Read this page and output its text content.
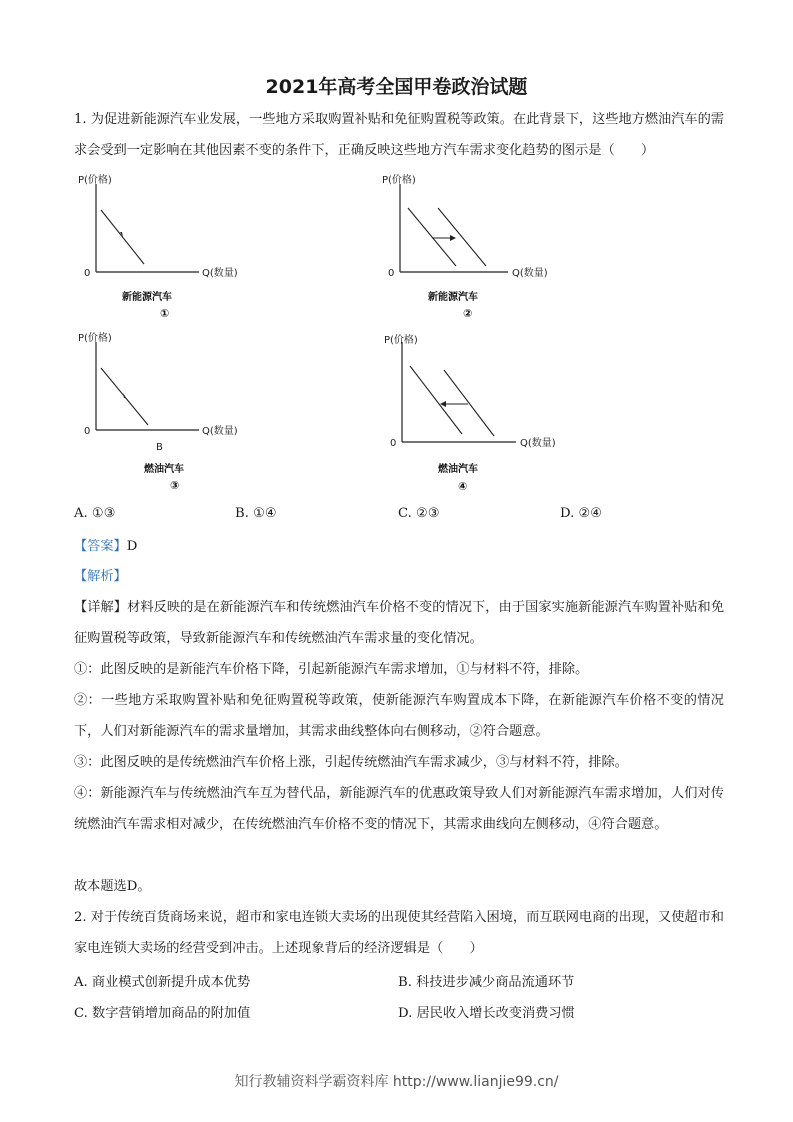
2021年高考全国甲卷政治试题

1. 为促进新能源汽车业发展，一些地方采取购置补贴和免征购置税等政策。在此背景下，这些地方燃油汽车的需求会受到一定影响在其他因素不变的条件下，正确反映这些地方汽车需求变化趋势的图示是（　　）

P(价格)
0	Q(数量)
新能源汽车
①
P(价格)
0	Q(数量)
新能源汽车
②
P(价格)
0	Q(数量)
B
燃油汽车
③
P(价格)
0	Q(数量)
燃油汽车
④
A. ①③	B. ①④	C. ②③	D. ②④

【答案】D

【解析】

【详解】材料反映的是在新能源汽车和传统燃油汽车价格不变的情况下，由于国家实施新能源汽车购置补贴和免征购置税等政策，导致新能源汽车和传统燃油汽车需求量的变化情况。

①：此图反映的是新能汽车价格下降，引起新能源汽车需求增加，①与材料不符，排除。

②：一些地方采取购置补贴和免征购置税等政策，使新能源汽车购置成本下降，在新能源汽车价格不变的情况下，人们对新能源汽车的需求量增加，其需求曲线整体向右侧移动，②符合题意。

③：此图反映的是传统燃油汽车价格上涨，引起传统燃油汽车需求减少，③与材料不符，排除。

④：新能源汽车与传统燃油汽车互为替代品，新能源汽车的优惠政策导致人们对新能源汽车需求增加，人们对传统燃油汽车需求相对减少，在传统燃油汽车价格不变的情况下，其需求曲线向左侧移动，④符合题意。

故本题选D。

2. 对于传统百货商场来说，超市和家电连锁大卖场的出现使其经营陷入困境，而互联网电商的出现，又使超市和家电连锁大卖场的经营受到冲击。上述现象背后的经济逻辑是（　　）

A. 商业模式创新提升成本优势	B. 科技进步减少商品流通环节
C. 数字营销增加商品的附加值	D. 居民收入增长改变消费习惯
知行教辅资料学霸资料库 http://www.lianjie99.cn/
